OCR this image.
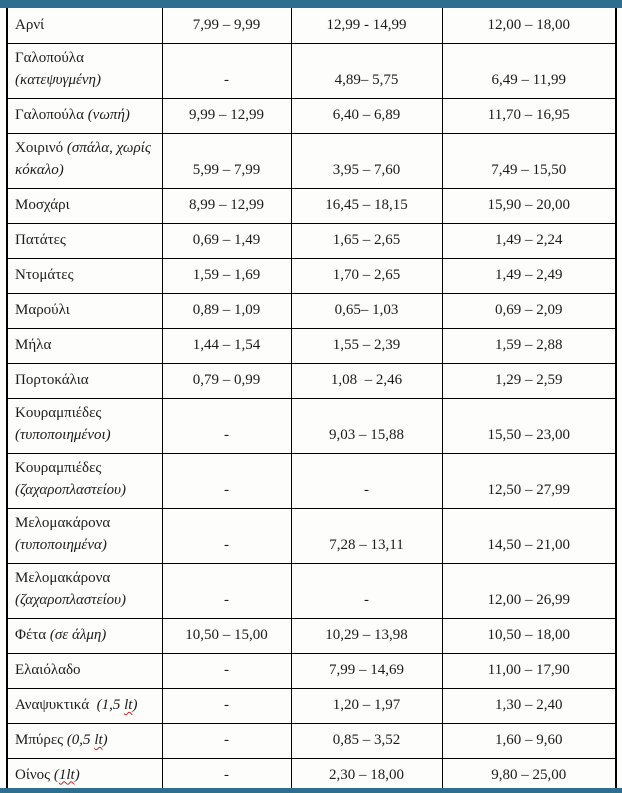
Αρνί	7,99 – 9,99	12,99 - 14,99	12,00 – 18,00
Γαλοπούλα (κατεψυγμένη)	-	4,89– 5,75	6,49 – 11,99
Γαλοπούλα (νωπή)	9,99 – 12,99	6,40 – 6,89	11,70 – 16,95
Χοιρινό (σπάλα, χωρίς κόκαλο)	5,99 – 7,99	3,95 – 7,60	7,49 – 15,50
Μοσχάρι	8,99 – 12,99	16,45 – 18,15	15,90 – 20,00
Πατάτες	0,69 – 1,49	1,65 – 2,65	1,49 – 2,24
Ντομάτες	1,59 – 1,69	1,70 – 2,65	1,49 – 2,49
Μαρούλι	0,89 – 1,09	0,65– 1,03	0,69 – 2,09
Μήλα	1,44 – 1,54	1,55 – 2,39	1,59 – 2,88
Πορτοκάλια	0,79 – 0,99	1,08  – 2,46	1,29 – 2,59
Κουραμπιέδες (τυποποιημένοι)	-	9,03 – 15,88	15,50 – 23,00
Κουραμπιέδες (ζαχαροπλαστείου)	-	-	12,50 – 27,99
Μελομακάρονα (τυποποιημένα)	-	7,28 – 13,11	14,50 – 21,00
Μελομακάρονα (ζαχαροπλαστείου)	-	-	12,00 – 26,99
Φέτα (σε άλμη)	10,50 – 15,00	10,29 – 13,98	10,50 – 18,00
Ελαιόλαδο	-	7,99 – 14,69	11,00 – 17,90
Αναψυκτικά  (1,5 lt)	-	1,20 – 1,97	1,30 – 2,40
Μπύρες (0,5 lt)	-	0,85 – 3,52	1,60 – 9,60
Οίνος (1lt)	-	2,30 – 18,00	9,80 – 25,00
